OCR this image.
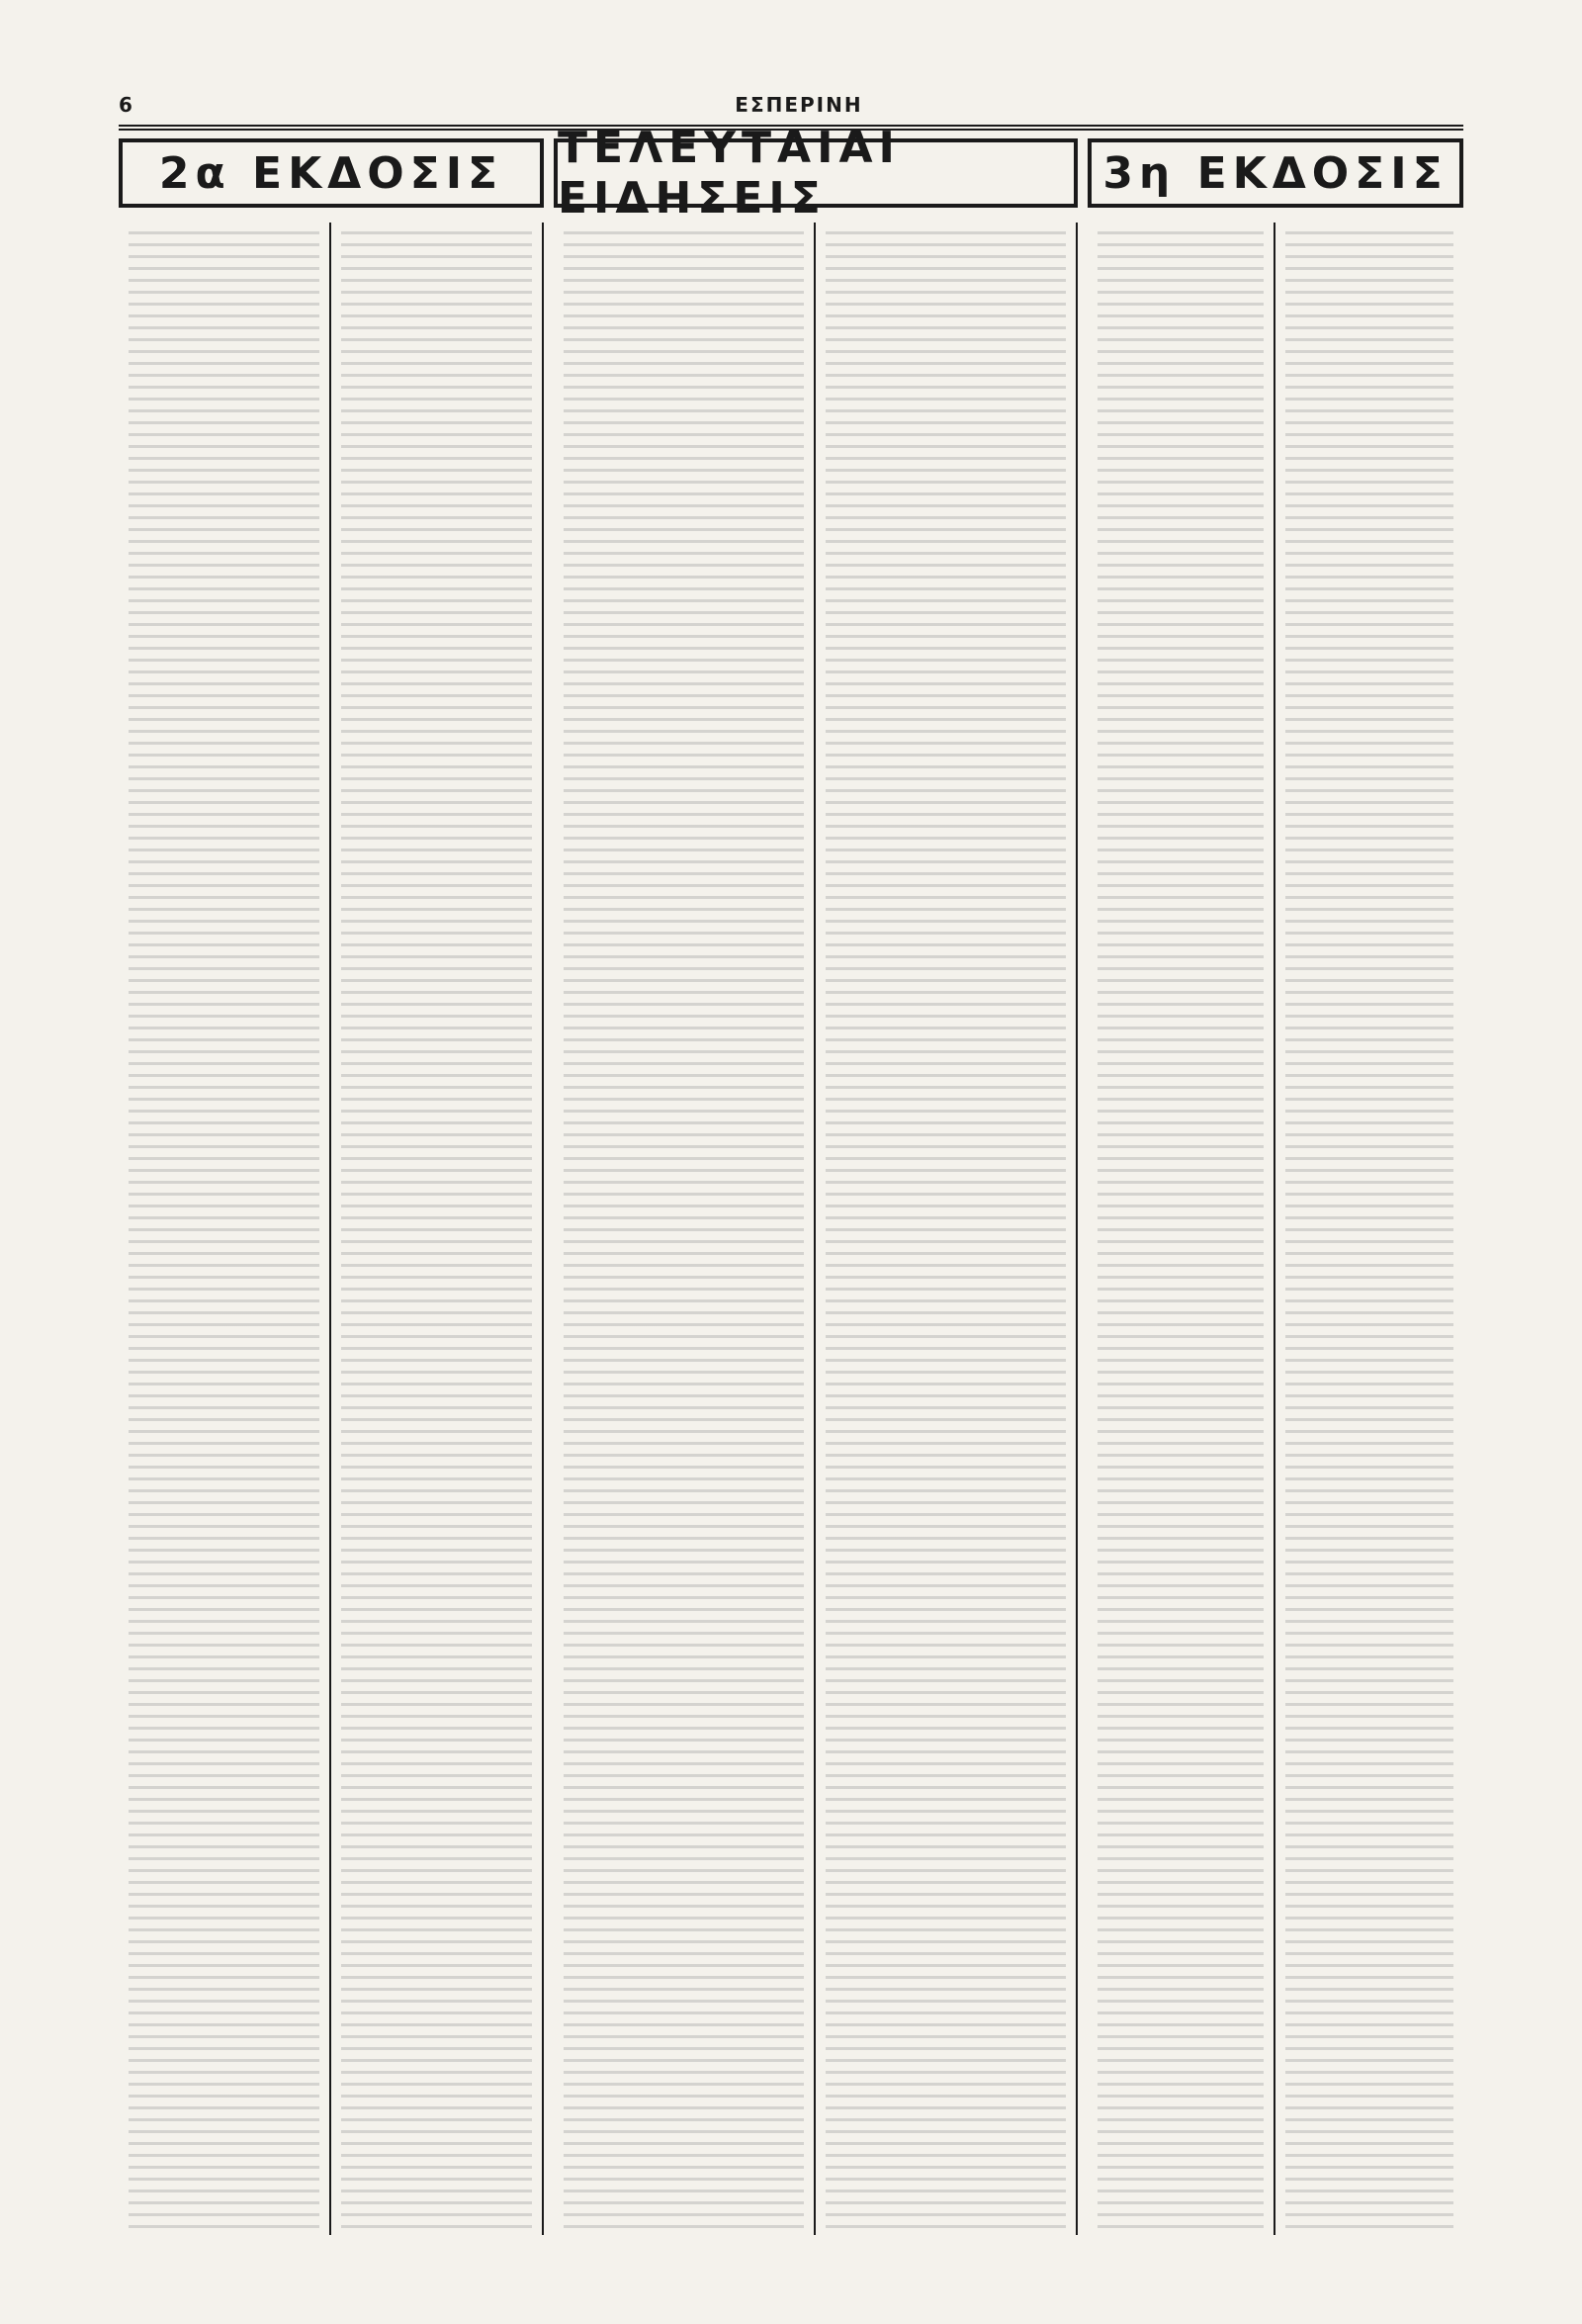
6	ΕΣΠΕΡΙΝΗ
2α ΕΚΔΟΣΙΣ	ΤΕΛΕΥΤΑΙΑΙ ΕΙΔΗΣΕΙΣ	3η ΕΚΔΟΣΙΣ
